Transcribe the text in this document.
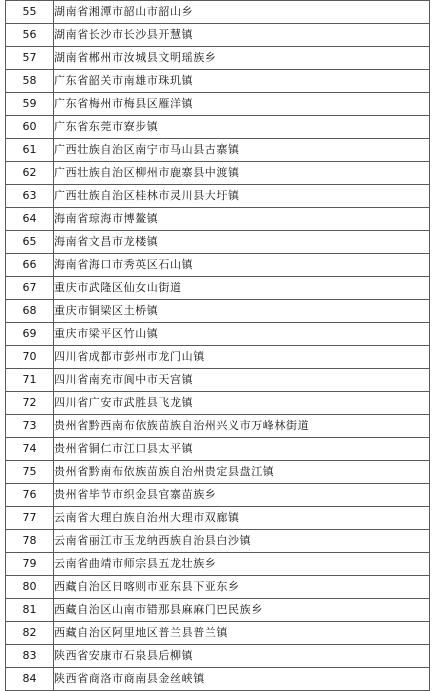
55	湖南省湘潭市韶山市韶山乡
56	湖南省长沙市长沙县开慧镇
57	湖南省郴州市汝城县文明瑶族乡
58	广东省韶关市南雄市珠玑镇
59	广东省梅州市梅县区雁洋镇
60	广东省东莞市寮步镇
61	广西壮族自治区南宁市马山县古寨镇
62	广西壮族自治区柳州市鹿寨县中渡镇
63	广西壮族自治区桂林市灵川县大圩镇
64	海南省琼海市博鳌镇
65	海南省文昌市龙楼镇
66	海南省海口市秀英区石山镇
67	重庆市武隆区仙女山街道
68	重庆市铜梁区土桥镇
69	重庆市梁平区竹山镇
70	四川省成都市彭州市龙门山镇
71	四川省南充市阆中市天宫镇
72	四川省广安市武胜县飞龙镇
73	贵州省黔西南布依族苗族自治州兴义市万峰林街道
74	贵州省铜仁市江口县太平镇
75	贵州省黔南布依族苗族自治州贵定县盘江镇
76	贵州省毕节市织金县官寨苗族乡
77	云南省大理白族自治州大理市双廊镇
78	云南省丽江市玉龙纳西族自治县白沙镇
79	云南省曲靖市师宗县五龙壮族乡
80	西藏自治区日喀则市亚东县下亚东乡
81	西藏自治区山南市错那县麻麻门巴民族乡
82	西藏自治区阿里地区普兰县普兰镇
83	陕西省安康市石泉县后柳镇
84	陕西省商洛市商南县金丝峡镇
